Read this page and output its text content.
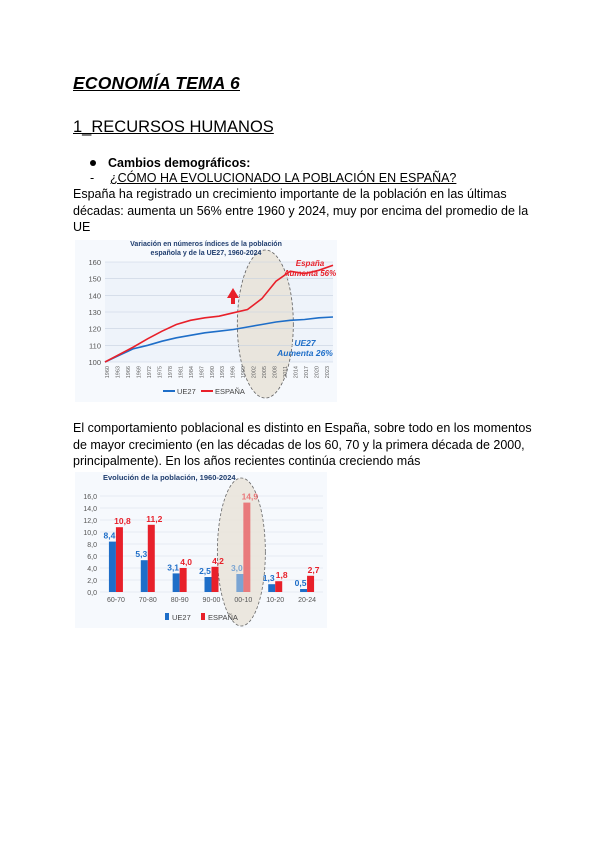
ECONOMÍA TEMA 6
1_RECURSOS HUMANOS
Cambios demográficos:
- ¿CÓMO HA EVOLUCIONADO LA POBLACIÓN EN ESPAÑA?
España ha registrado un crecimiento importante de la población en las últimas
décadas: aumenta un 56% entre 1960 y 2024, muy por encima del promedio de la
UE
Variación en números índices de la población
española y de la UE27, 1960-2024
100
110
120
130
140
150
160
1960 1963 1966 1969 1972 1975 1978 1981 1984 1987 1990 1993 1996 1999 2002 2005 2008 2011 2014 2017 2020 2023
España
Aumenta 56%
UE27
Aumenta 26%
UE27	ESPAÑA
El comportamiento poblacional es distinto en España, sobre todo en los momentos
de mayor crecimiento (en las décadas de los 60, 70 y la primera década de 2000,
principalmente). En los años recientes continúa creciendo más
Evolución de la población, 1960-2024
0,0
2,0
4,0
6,0
8,0
10,0
12,0
14,0
16,0
8,4
10,8
60-70
5,3
11,2
70-80
3,1
4,0
80-90
2,5
4,2
90-00
3,0
14,9
00-10
1,3 1,8
10-20
0,5
2,7
20-24
UE27 ESPAÑA
